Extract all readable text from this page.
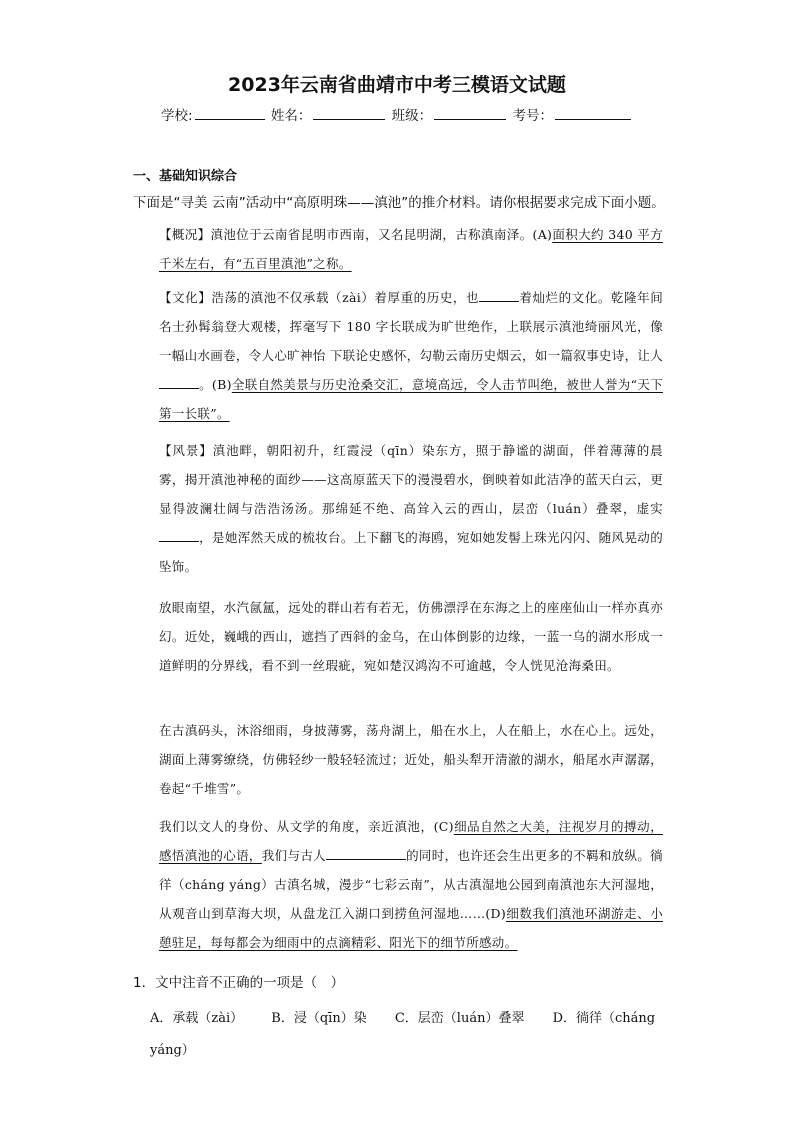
2023年云南省曲靖市中考三模语文试题
学校:	姓名：	班级：	考号：
一、基础知识综合
下面是“寻美 云南”活动中“高原明珠——滇池”的推介材料。请你根据要求完成下面小题。
【概况】滇池位于云南省昆明市西南，又名昆明湖，古称滇南泽。(A)面积大约 340 平方千米左右，有“五百里滇池”之称。
【文化】浩荡的滇池不仅承载（zài）着厚重的历史，也	着灿烂的文化。乾隆年间名士孙髯翁登大观楼，挥毫写下 180 字长联成为旷世绝作，上联展示滇池绮丽风光，像一幅山水画卷，令人心旷神怡 下联论史感怀，勾勒云南历史烟云，如一篇叙事史诗，让人。(B)全联自然美景与历史沧桑交汇，意境高远，令人击节叫绝，被世人誉为“天下第一长联”。
【风景】滇池畔，朝阳初升，红霞浸（qīn）染东方，照于静谧的湖面，伴着薄薄的晨雾，揭开滇池神秘的面纱——这高原蓝天下的漫漫碧水，倒映着如此洁净的蓝天白云，更显得波澜壮阔与浩浩汤汤。那绵延不绝、高耸入云的西山，层峦（luán）叠翠，虚实，是她浑然天成的梳妆台。上下翻飞的海鸥，宛如她发髻上珠光闪闪、随风晃动的坠饰。
放眼南望，水汽氤氲，远处的群山若有若无，仿佛漂浮在东海之上的座座仙山一样亦真亦幻。近处，巍峨的西山，遮挡了西斜的金乌，在山体倒影的边缘，一蓝一乌的湖水形成一道鲜明的分界线，看不到一丝瑕疵，宛如楚汉鸿沟不可逾越，令人恍见沧海桑田。
在古滇码头，沐浴细雨，身披薄雾，荡舟湖上，船在水上，人在船上，水在心上。远处，湖面上薄雾缭绕，仿佛轻纱一般轻轻流过；近处，船头犁开清澈的湖水，船尾水声潺潺，卷起“千堆雪”。
我们以文人的身份、从文学的角度，亲近滇池，(C)细品自然之大美，注视岁月的搏动，感悟滇池的心语，我们与古人	的同时，也许还会生出更多的不羁和放纵。徜徉（cháng yáng）古滇名城，漫步“七彩云南”，从古滇湿地公园到南滇池东大河湿地，从观音山到草海大坝，从盘龙江入湖口到捞鱼河湿地……(D)细数我们滇池环湖游走、小憩驻足，每每都会为细雨中的点滴精彩、阳光下的细节所感动。
1．文中注音不正确的一项是（　）
A．承载（zài） B．浸（qīn）染 C．层峦（luán）叠翠 D．徜徉（cháng yáng）
